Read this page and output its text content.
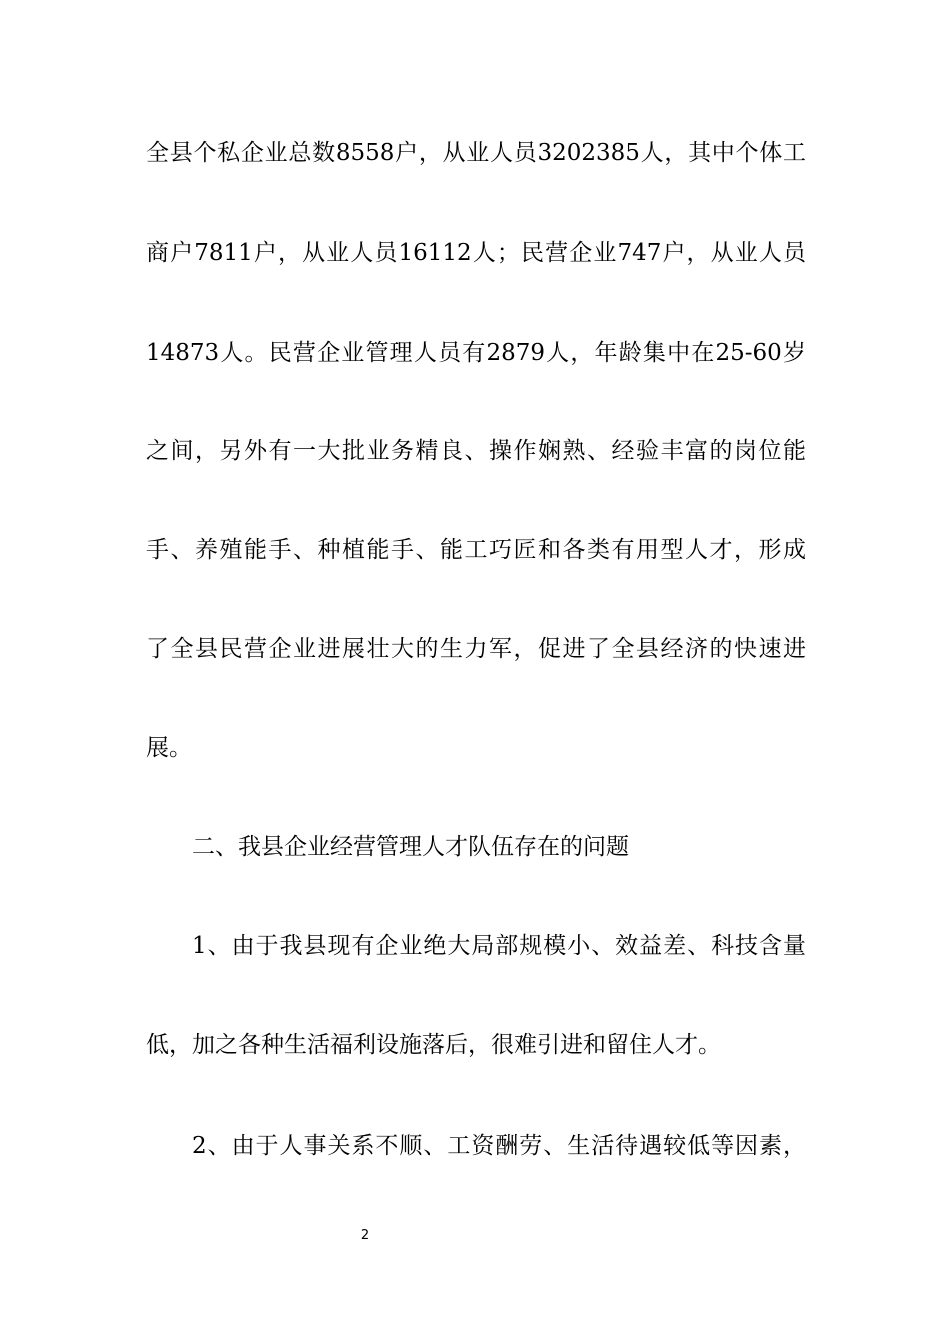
全县个私企业总数8558户，从业人员3202385人，其中个体工
商户7811户，从业人员16112人；民营企业747户，从业人员
14873人。民营企业管理人员有2879人，年龄集中在25-60岁
之间，另外有一大批业务精良、操作娴熟、经验丰富的岗位能
手、养殖能手、种植能手、能工巧匠和各类有用型人才，形成
了全县民营企业进展壮大的生力军，促进了全县经济的快速进
展。
二、我县企业经营管理人才队伍存在的问题
1、由于我县现有企业绝大局部规模小、效益差、科技含量
低，加之各种生活福利设施落后，很难引进和留住人才。
2、由于人事关系不顺、工资酬劳、生活待遇较低等因素，
2
